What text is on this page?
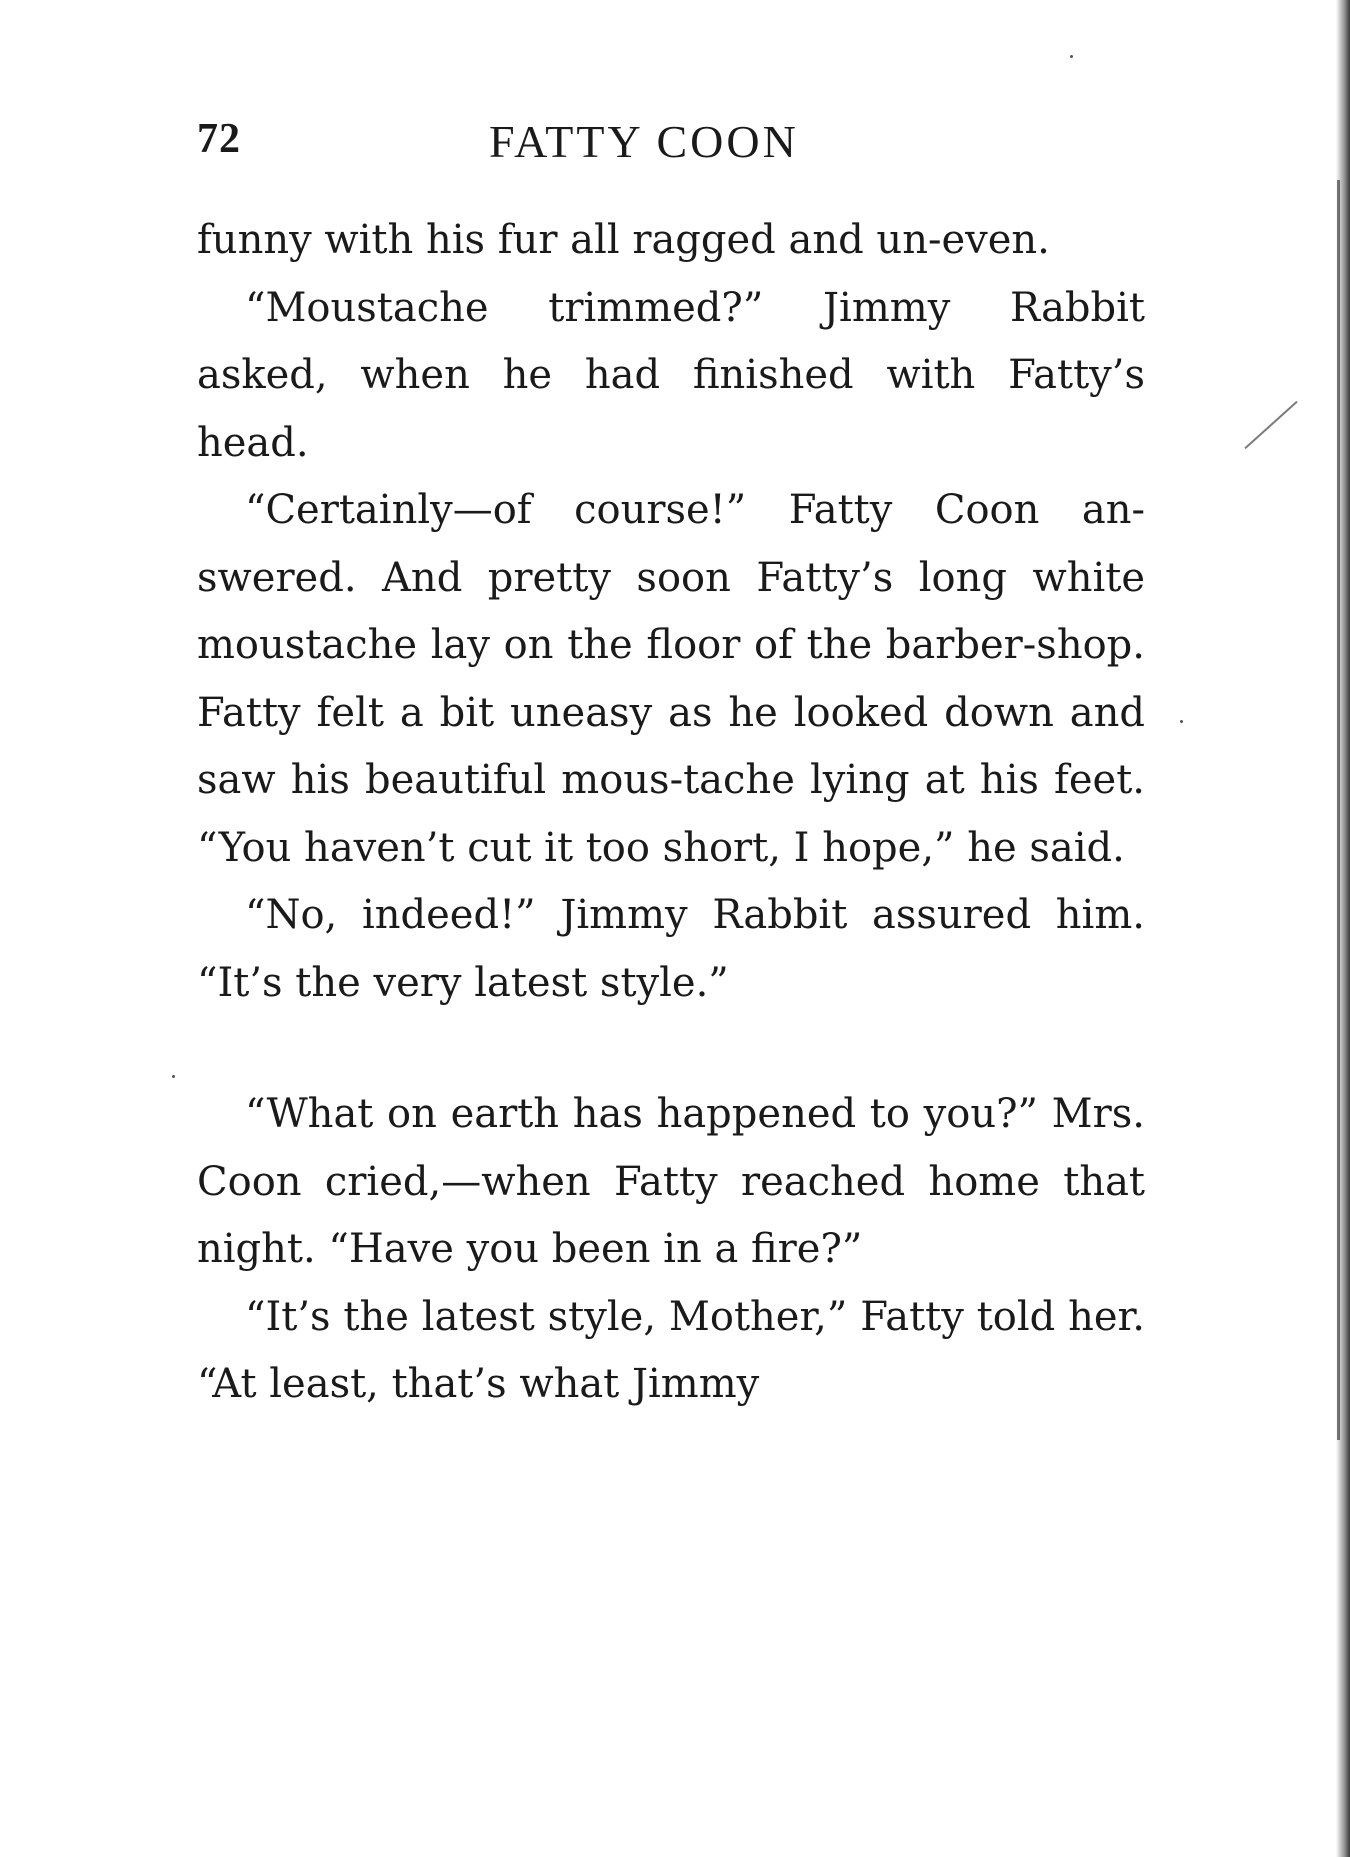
72	FATTY COON

funny with his fur all ragged and un-even.

“Moustache trimmed?” Jimmy Rabbit asked, when he had finished with Fatty’s head.

“Certainly—of course!” Fatty Coon an-swered. And pretty soon Fatty’s long white moustache lay on the floor of the barber-shop. Fatty felt a bit uneasy as he looked down and saw his beautiful mous-tache lying at his feet. “You haven’t cut it too short, I hope,” he said.

“No, indeed!” Jimmy Rabbit assured him. “It’s the very latest style.”

“What on earth has happened to you?” Mrs. Coon cried,—when Fatty reached home that night. “Have you been in a fire?”

“It’s the latest style, Mother,” Fatty told her. “At least, that’s what Jimmy
